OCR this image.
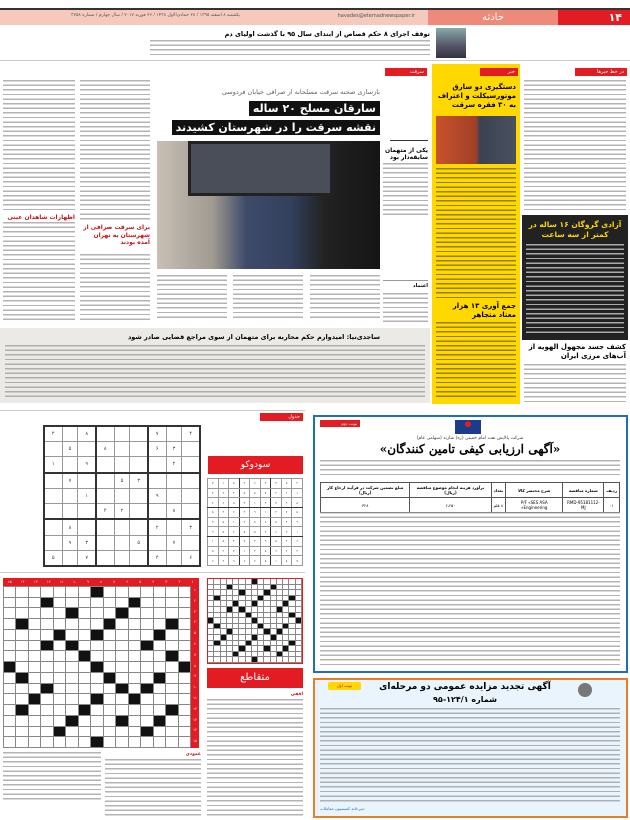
۱۴
حادثه
havades@etemadnewspaper.ir
یکشنبه ۸ اسفند ۱۳۹۵ / ۲۸ جمادی‌الاول ۱۴۳۸ / ۲۶ فوریه ۲۰۱۷ / سال چهارم / شماره ۳۷۵۸
توقف اجرای ۸ حکم قصاص از ابتدای سال ۹۵ با گذشت اولیای دم
سرقت
بازسازی صحنه سرقت مسلحانه از صرافی خیابان فردوسی
سارقان مسلح ۲۰ ساله
نقشه سرقت را در شهرستان کشیدند
یکی از متهمان سابقه‌دار بود
اظهارات شاهدان عینی
برای سرقت صرافی از شهرستان به تهران آمده بودند
اعتماد
ساجدی‌نیا: امیدوارم حکم محاربه برای متهمان از سوی مراجع قضایی صادر شود
خبر
دستگیری دو سارق موتورسیکلت و اعتراف به ۳۰ فقره سرقت
جمع آوری ۱۳ هزار معتاد متجاهر
در خط خبرها
آزادی گروگان ۱۶ ساله در کمتر از سه ساعت
کشف جسد مجهول الهویه از آب‌های مرزی ایران
جدول
۴		۸				۷		۴
	۵		۸			۶	۳	
۱		۹					۲	
	۷			۵	۳			
		۱				۹		
			۴	۲			۸	
	۸					۲		۳
	۹	۳			۵		۷	
۵		۷				۴		۶
سودوکو
۷	۱	۸	۹	۶	۴	۳	۵	۲
۴	۹	۳	۵	۸	۷	۲	۶	۱
۲	۶	۵	۴	۱	۳	۷	۹	۸
۸	۴	۶	۳	۹	۱	۲	۷	۵
۳	۵	۱	۲	۷	۶	۸	۴	۹
۹	۷	۲	۸	۵	۴	۶	۳	۱
۱	۸	۴	۷	۳	۹	۵	۲	۶
۵	۲	۷	۱	۴	۸	۹	۶	۳
۶	۳	۹	۶	۲	۵	۱	۸	۷
۱
۲
۳
۴
۵
۶
۷
۸
۹
۱۰
۱۱
۱۲
۱۳
۱۴
۱۵
۱
۲
۳
۴
۵
۶
۷
۸
۹
۱۰
۱۱
۱۲
۱۳
۱۴
۱۵
متقاطع
افقی
عمودی
نوبت دوم
شرکت پالایش نفت امام خمینی (ره) شازند (سهامی عام)
«آگهی ارزیابی کیفی تامین کنندگان»
ردیف	شماره مناقصه	شرح مختصر کالا	تعداد	برآورد هزینه انجام موضوع مناقصه (ریال)	مبلغ تضمین شرکت در فرآیند ارجاع کار (ریال)
۰۱	RMD-95181112-MJ	P/F «SES ASA Engineering»	۸ قلم	۶،۲۵۰	۳۲۸
نوبت اول	آگهی تجدید مزایده عمومی دو مرحله‌ای
شماره ۱۲۴/۱-۹۵
دبیرخانه کمیسیون معاملات
